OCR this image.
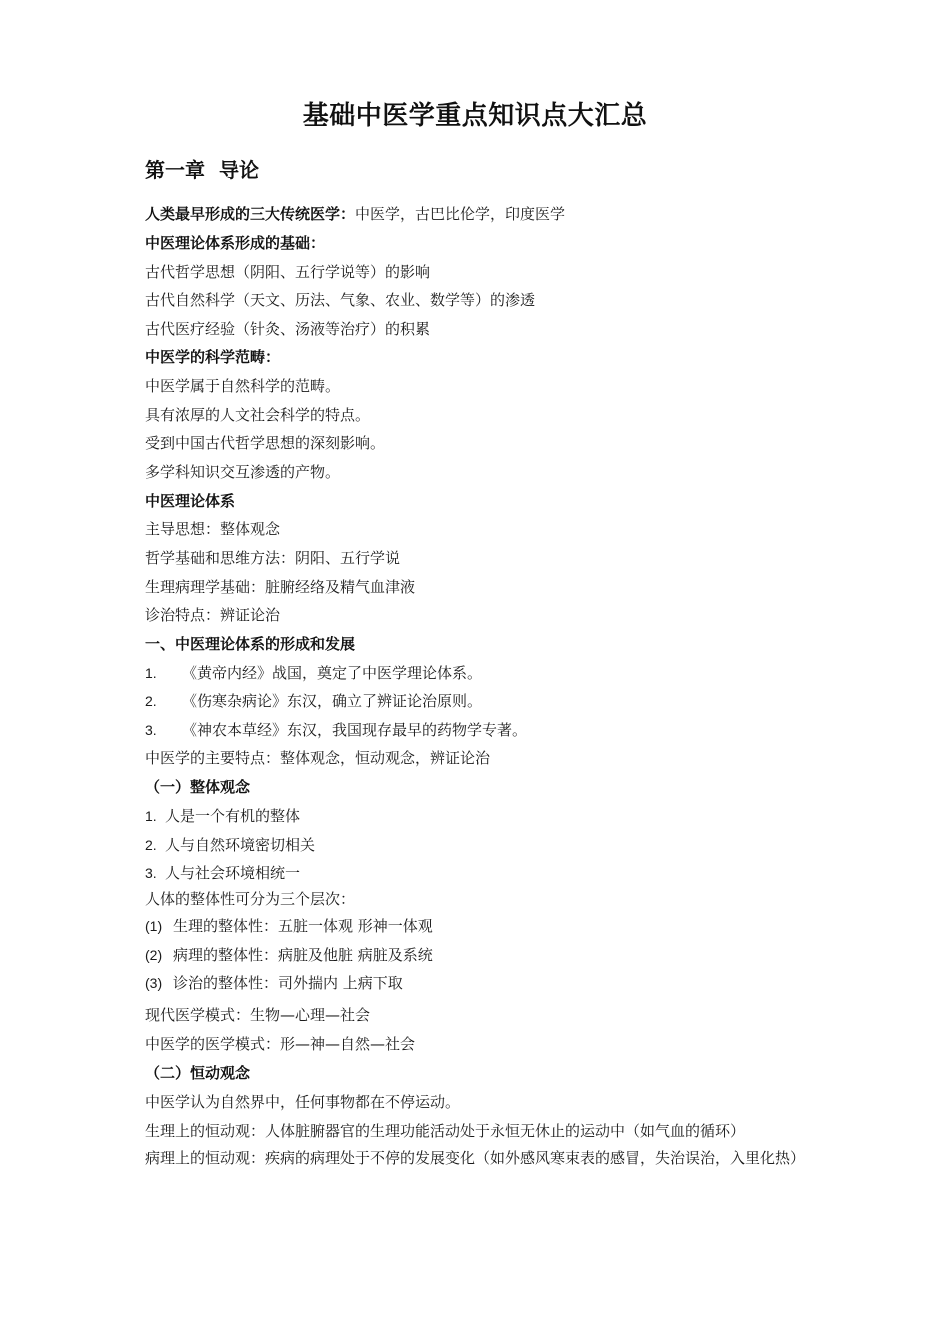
基础中医学重点知识点大汇总
第一章 导论
人类最早形成的三大传统医学：中医学，古巴比伦学，印度医学
中医理论体系形成的基础：
古代哲学思想（阴阳、五行学说等）的影响
古代自然科学（天文、历法、气象、农业、数学等）的渗透
古代医疗经验（针灸、汤液等治疗）的积累
中医学的科学范畴：
中医学属于自然科学的范畴。
具有浓厚的人文社会科学的特点。
受到中国古代哲学思想的深刻影响。
多学科知识交互渗透的产物。
中医理论体系
主导思想：整体观念
哲学基础和思维方法：阴阳、五行学说
生理病理学基础：脏腑经络及精气血津液
诊治特点：辨证论治
一、中医理论体系的形成和发展
1. 《黄帝内经》战国，奠定了中医学理论体系。
2. 《伤寒杂病论》东汉，确立了辨证论治原则。
3. 《神农本草经》东汉，我国现存最早的药物学专著。
中医学的主要特点：整体观念，恒动观念，辨证论治
（一）整体观念
1. 人是一个有机的整体
2. 人与自然环境密切相关
3. 人与社会环境相统一
人体的整体性可分为三个层次：
(1) 生理的整体性：五脏一体观 形神一体观
(2) 病理的整体性：病脏及他脏 病脏及系统
(3) 诊治的整体性：司外揣内 上病下取
现代医学模式：生物—心理—社会
中医学的医学模式：形—神—自然—社会
（二）恒动观念
中医学认为自然界中，任何事物都在不停运动。
生理上的恒动观：人体脏腑器官的生理功能活动处于永恒无休止的运动中（如气血的循环）
病理上的恒动观：疾病的病理处于不停的发展变化（如外感风寒束表的感冒，失治误治，入里化热）
